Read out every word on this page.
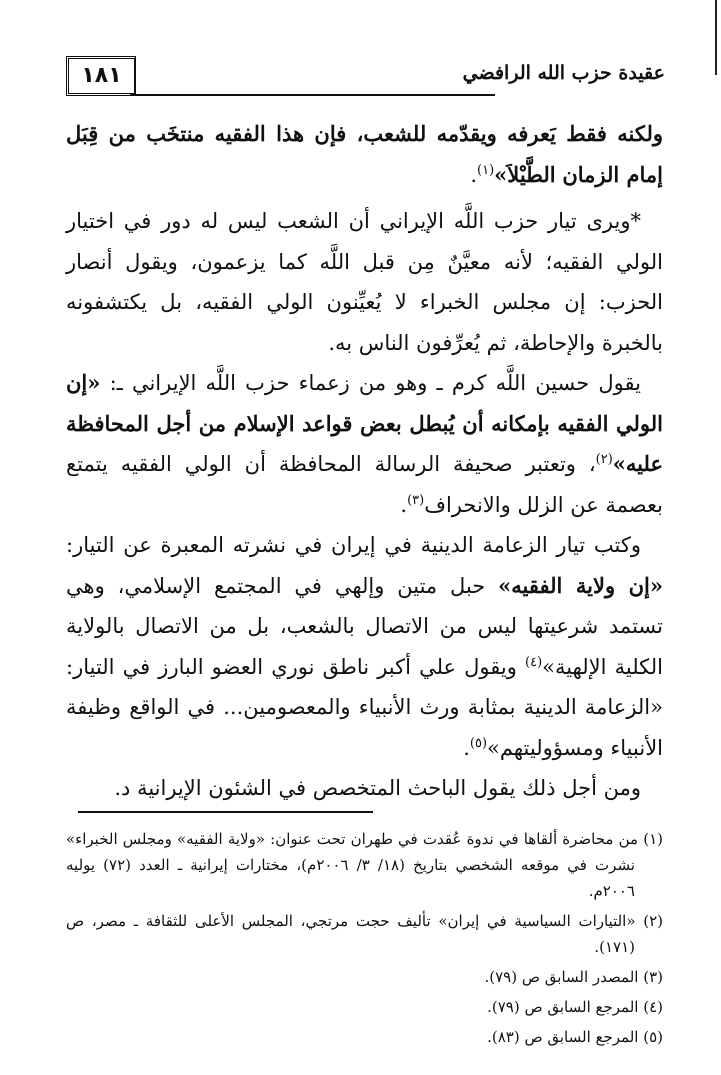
عقيدة حزب الله الرافضي
١٨١

ولكنه فقط يَعرفه ويقدّمه للشعب، فإن هذا الفقيه منتخَب من قِبَل إمام الزمان الطَّيْلاَ»$^{(١)}$.

*ويرى تيار حزب اللَّه الإيراني أن الشعب ليس له دور في اختيار الولي الفقيه؛ لأنه معيَّنٌ مِن قبل اللَّه كما يزعمون، ويقول أنصار الحزب: إن مجلس الخبراء لا يُعيِّنون الولي الفقيه، بل يكتشفونه بالخبرة والإحاطة، ثم يُعرِّفون الناس به.

يقول حسين اللَّه كرم ـ وهو من زعماء حزب اللَّه الإيراني ـ: «إن الولي الفقيه بإمكانه أن يُبطل بعض قواعد الإسلام من أجل المحافظة عليه»$^{(٢)}$، وتعتبر صحيفة الرسالة المحافظة أن الولي الفقيه يتمتع بعصمة عن الزلل والانحراف$^{(٣)}$.

وكتب تيار الزعامة الدينية في إيران في نشرته المعبرة عن التيار: «إن ولاية الفقيه» حبل متين وإلهي في المجتمع الإسلامي، وهي تستمد شرعيتها ليس من الاتصال بالشعب، بل من الاتصال بالولاية الكلية الإلهية»$^{(٤)}$ ويقول علي أكبر ناطق نوري العضو البارز في التيار: «الزعامة الدينية بمثابة ورث الأنبياء والمعصومين... في الواقع وظيفة الأنبياء ومسؤوليتهم»$^{(٥)}$.

ومن أجل ذلك يقول الباحث المتخصص في الشئون الإيرانية د.

(١) من محاضرة ألقاها في ندوة عُقدت في طهران تحت عنوان: «ولاية الفقيه» ومجلس الخبراء» نشرت في موقعه الشخصي بتاريخ (١٨/ ٣/ ٢٠٠٦م)، مختارات إيرانية ـ العدد (٧٢) يوليه ٢٠٠٦م.

(٢) «التيارات السياسية في إيران» تأليف حجت مرتجي، المجلس الأعلى للثقافة ـ مصر، ص (١٧١).

(٣) المصدر السابق ص (٧٩).

(٤) المرجع السابق ص (٧٩).

(٥) المرجع السابق ص (٨٣).
